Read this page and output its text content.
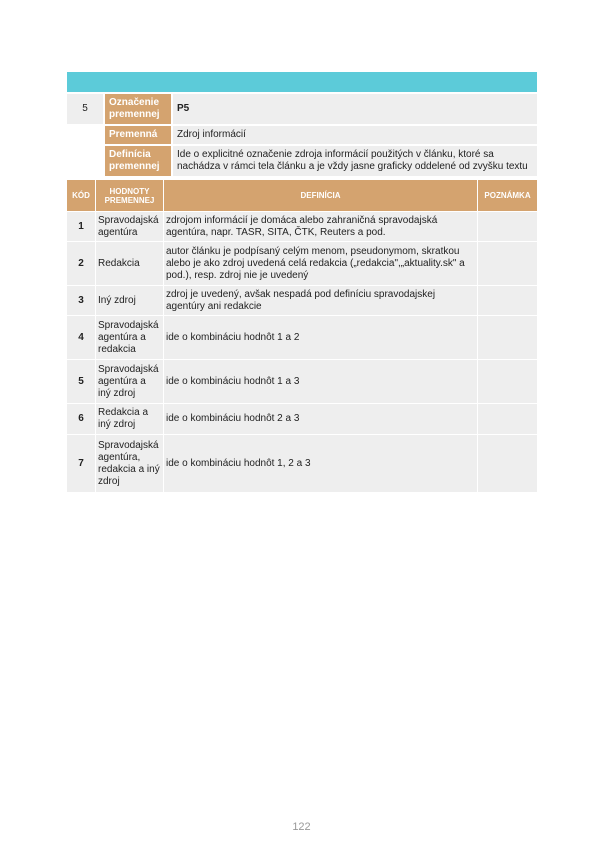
5	Označenie premennej	P5
	Premenná	Zdroj informácií
	Definícia premennej	Ide o explicitné označenie zdroja informácií použitých v článku, ktoré sa nachádza v rámci tela článku a je vždy jasne graficky oddelené od zvyšku textu
KÓD	HODNOTY PREMENNEJ	DEFINÍCIA	POZNÁMKA
1	Spravodajská agentúra	zdrojom informácií je domáca alebo zahraničná spravodajská agentúra, napr. TASR, SITA, ČTK, Reuters a pod.	
2	Redakcia	autor článku je podpísaný celým menom, pseudonymom, skratkou alebo je ako zdroj uvedená celá redakcia („redakcia",„aktuality.sk" a pod.), resp. zdroj nie je uvedený	
3	Iný zdroj	zdroj je uvedený, avšak nespadá pod definíciu spravodajskej agentúry ani redakcie	
4	Spravodajská agentúra a redakcia	ide o kombináciu hodnôt 1 a 2	
5	Spravodajská agentúra a iný zdroj	ide o kombináciu hodnôt 1 a 3	
6	Redakcia a iný zdroj	ide o kombináciu hodnôt 2 a 3	
7	Spravodajská agentúra, redakcia a iný zdroj	ide o kombináciu hodnôt 1, 2 a 3	
122
